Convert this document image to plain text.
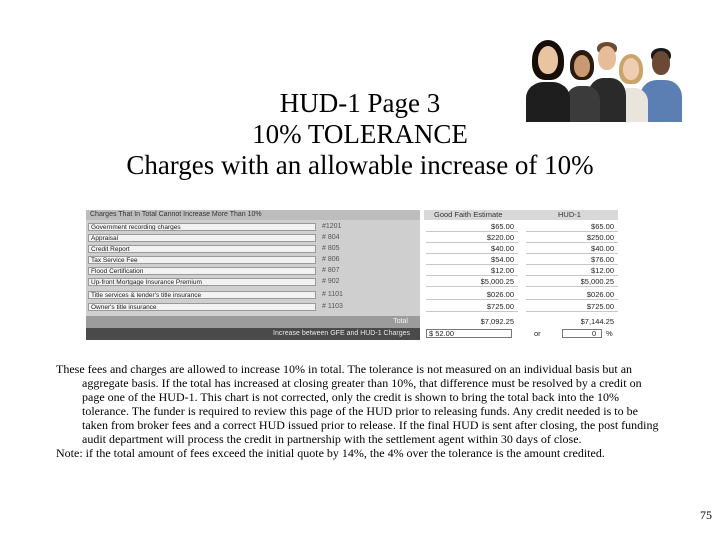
HUD-1 Page 3
10% TOLERANCE
Charges with an allowable increase of 10%
Charges That In Total Cannot Increase More Than 10%	Good Faith Estimate	HUD-1
Government recording charges	#1201	$65.00	$65.00
Appraisal	# 804	$220.00	$250.00
Credit Report	# 805	$40.00	$40.00
Tax Service Fee	# 806	$54.00	$76.00
Flood Certification	# 807	$12.00	$12.00
Up-front Mortgage Insurance Premium	# 902	$5,000.25	$5,000.25
Title services & lender's title insurance	# 1101	$026.00	$026.00
Owner's title insurance	# 1103	$725.00	$725.00
Total	$7,092.25	$7,144.25
Increase between GFE and HUD-1 Charges	$ 52.00	or	0 %

These fees and charges are allowed to increase 10% in total. The tolerance is not measured on an individual basis but an aggregate basis. If the total has increased at closing greater than 10%, that difference must be resolved by a credit on page one of the HUD-1. This chart is not corrected, only the credit is shown to bring the total back into the 10% tolerance. The funder is required to review this page of the HUD prior to releasing funds. Any credit needed is to be taken from broker fees and a correct HUD issued prior to release. If the final HUD is sent after closing, the post funding audit department will process the credit in partnership with the settlement agent within 30 days of close.

Note: if the total amount of fees exceed the initial quote by 14%, the 4% over the tolerance is the amount credited.

75
